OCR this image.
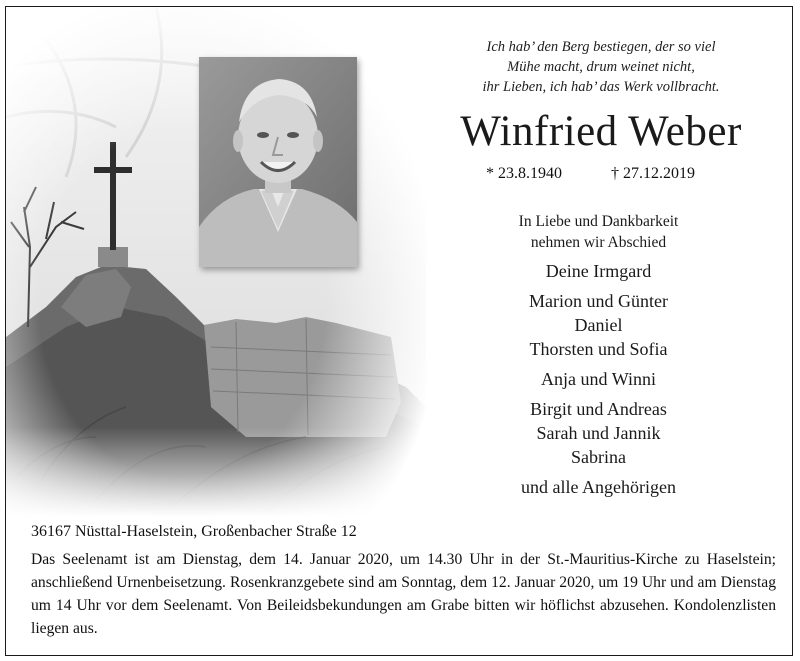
Ich hab’ den Berg bestiegen, der so viel
Mühe macht, drum weinet nicht,
ihr Lieben, ich hab’ das Werk vollbracht.
Winfried Weber
* 23.8.1940	† 27.12.2019
In Liebe und Dankbarkeit
nehmen wir Abschied
Deine Irmgard
Marion und Günter
Daniel
Thorsten und Sofia
Anja und Winni
Birgit und Andreas
Sarah und Jannik
Sabrina
und alle Angehörigen
36167 Nüsttal-Haselstein, Großenbacher Straße 12
Das Seelenamt ist am Dienstag, dem 14. Januar 2020, um 14.30 Uhr in der St.-Mauritius-Kirche zu Haselstein; anschließend Urnenbeisetzung. Rosenkranzgebete sind am Sonntag, dem 12. Januar 2020, um 19 Uhr und am Dienstag um 14 Uhr vor dem Seelenamt. Von Beileidsbekundungen am Grabe bitten wir höflichst abzusehen. Kondolenzlisten liegen aus.
